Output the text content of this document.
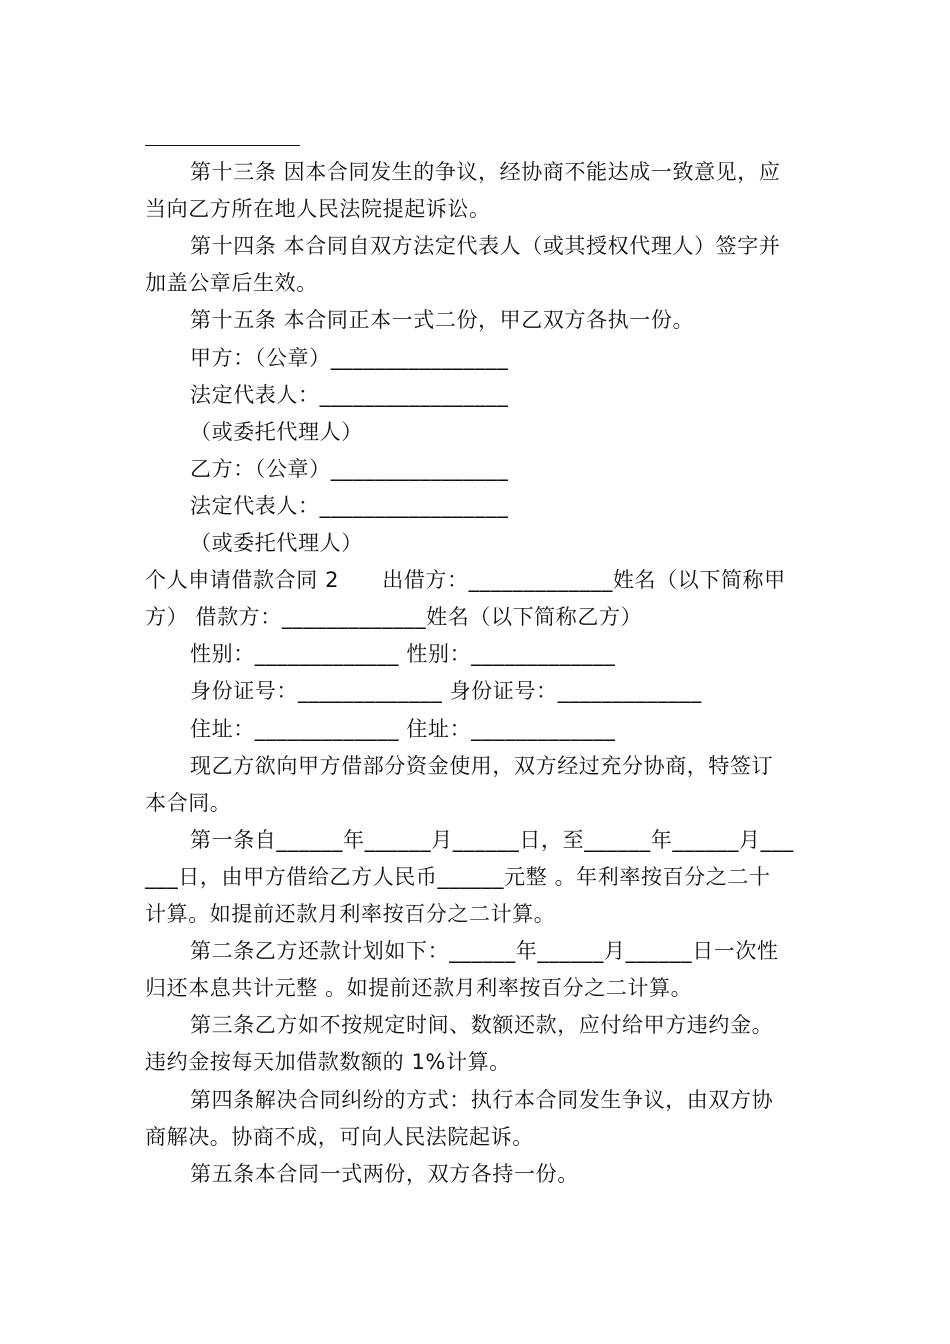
第十三条 因本合同发生的争议，经协商不能达成一致意见，应
当向乙方所在地人民法院提起诉讼。
第十四条 本合同自双方法定代表人（或其授权代理人）签字并
加盖公章后生效。
第十五条 本合同正本一式二份，甲乙双方各执一份。
甲方：（公章）________________
法定代表人：_________________
（或委托代理人）
乙方：（公章）________________
法定代表人：_________________
（或委托代理人）
个人申请借款合同 2　　出借方：_____________姓名（以下简称甲
方） 借款方：_____________姓名（以下简称乙方）
性别：_____________ 性别：_____________
身份证号：_____________ 身份证号：_____________
住址：_____________ 住址：_____________
现乙方欲向甲方借部分资金使用，双方经过充分协商，特签订
本合同。
第一条自______年______月______日，至______年______月___
___日，由甲方借给乙方人民币______元整 。年利率按百分之二十
计算。如提前还款月利率按百分之二计算。
第二条乙方还款计划如下：______年______月______日一次性
归还本息共计元整 。如提前还款月利率按百分之二计算。
第三条乙方如不按规定时间、数额还款，应付给甲方违约金。
违约金按每天加借款数额的 1%计算。
第四条解决合同纠纷的方式：执行本合同发生争议，由双方协
商解决。协商不成，可向人民法院起诉。
第五条本合同一式两份，双方各持一份。
